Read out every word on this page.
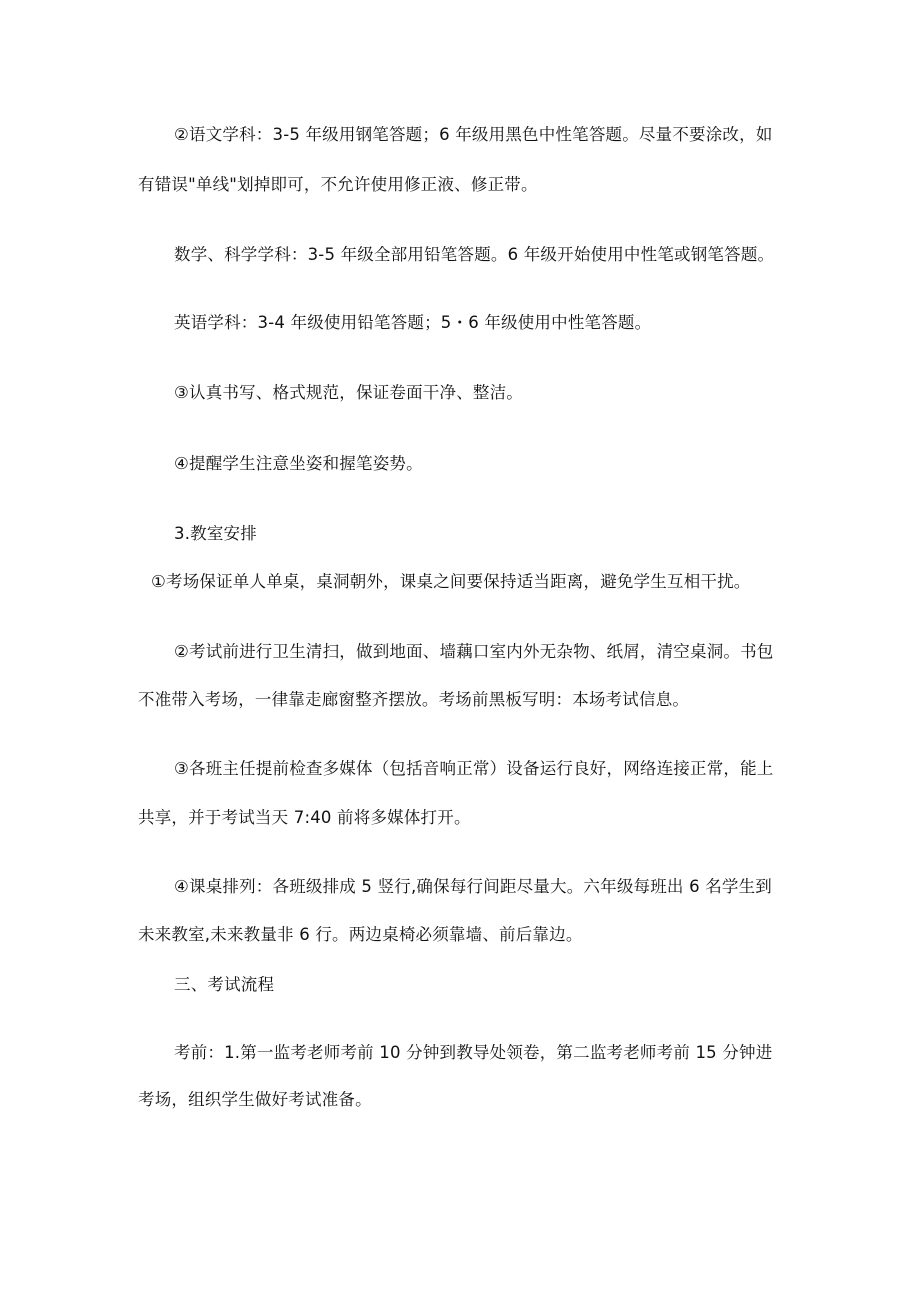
②语文学科：3-5 年级用钢笔答题；6 年级用黑色中性笔答题。尽量不要涂改，如
有错误"单线"划掉即可，不允许使用修正液、修正带。
数学、科学学科：3-5 年级全部用铅笔答题。6 年级开始使用中性笔或钢笔答题。
英语学科：3-4 年级使用铅笔答题；5・6 年级使用中性笔答题。
③认真书写、格式规范，保证卷面干净、整洁。
④提醒学生注意坐姿和握笔姿势。
3.教室安排
①考场保证单人单桌，桌洞朝外，课桌之间要保持适当距离，避免学生互相干扰。
②考试前进行卫生清扫，做到地面、墙藕口室内外无杂物、纸屑，清空桌洞。书包
不准带入考场，一律靠走廊窗整齐摆放。考场前黑板写明：本场考试信息。
③各班主任提前检查多媒体（包括音响正常）设备运行良好，网络连接正常，能上
共享，并于考试当天 7:40 前将多媒体打开。
④课桌排列：各班级排成 5 竖行,确保每行间距尽量大。六年级每班出 6 名学生到
未来教室,未来教量非 6 行。两边桌椅必须靠墙、前后靠边。
三、考试流程
考前：1.第一监考老师考前 10 分钟到教导处领卷，第二监考老师考前 15 分钟进
考场，组织学生做好考试准备。
